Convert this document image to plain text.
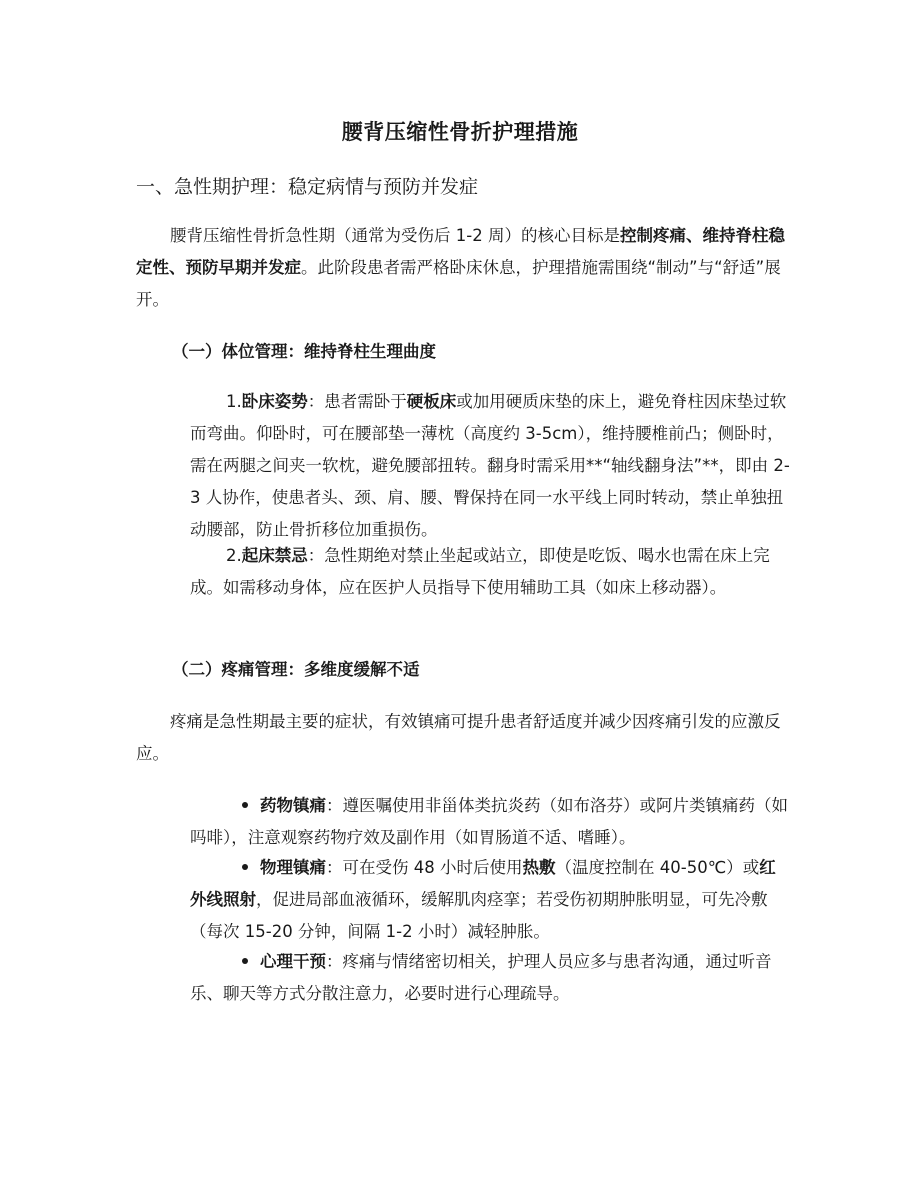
腰背压缩性骨折护理措施
一、急性期护理：稳定病情与预防并发症

腰背压缩性骨折急性期（通常为受伤后 1-2 周）的核心目标是控制疼痛、维持脊柱稳定性、预防早期并发症。此阶段患者需严格卧床休息，护理措施需围绕“制动”与“舒适”展开。

（一）体位管理：维持脊柱生理曲度

1.卧床姿势：患者需卧于硬板床或加用硬质床垫的床上，避免脊柱因床垫过软而弯曲。仰卧时，可在腰部垫一薄枕（高度约 3-5cm），维持腰椎前凸；侧卧时，需在两腿之间夹一软枕，避免腰部扭转。翻身时需采用**“轴线翻身法”**，即由 2-3 人协作，使患者头、颈、肩、腰、臀保持在同一水平线上同时转动，禁止单独扭动腰部，防止骨折移位加重损伤。

2.起床禁忌：急性期绝对禁止坐起或站立，即使是吃饭、喝水也需在床上完成。如需移动身体，应在医护人员指导下使用辅助工具（如床上移动器）。

（二）疼痛管理：多维度缓解不适

疼痛是急性期最主要的症状，有效镇痛可提升患者舒适度并减少因疼痛引发的应激反应。

药物镇痛：遵医嘱使用非甾体类抗炎药（如布洛芬）或阿片类镇痛药（如吗啡），注意观察药物疗效及副作用（如胃肠道不适、嗜睡）。

物理镇痛：可在受伤 48 小时后使用热敷（温度控制在 40-50℃）或红外线照射，促进局部血液循环，缓解肌肉痉挛；若受伤初期肿胀明显，可先冷敷（每次 15-20 分钟，间隔 1-2 小时）减轻肿胀。

心理干预：疼痛与情绪密切相关，护理人员应多与患者沟通，通过听音乐、聊天等方式分散注意力，必要时进行心理疏导。
